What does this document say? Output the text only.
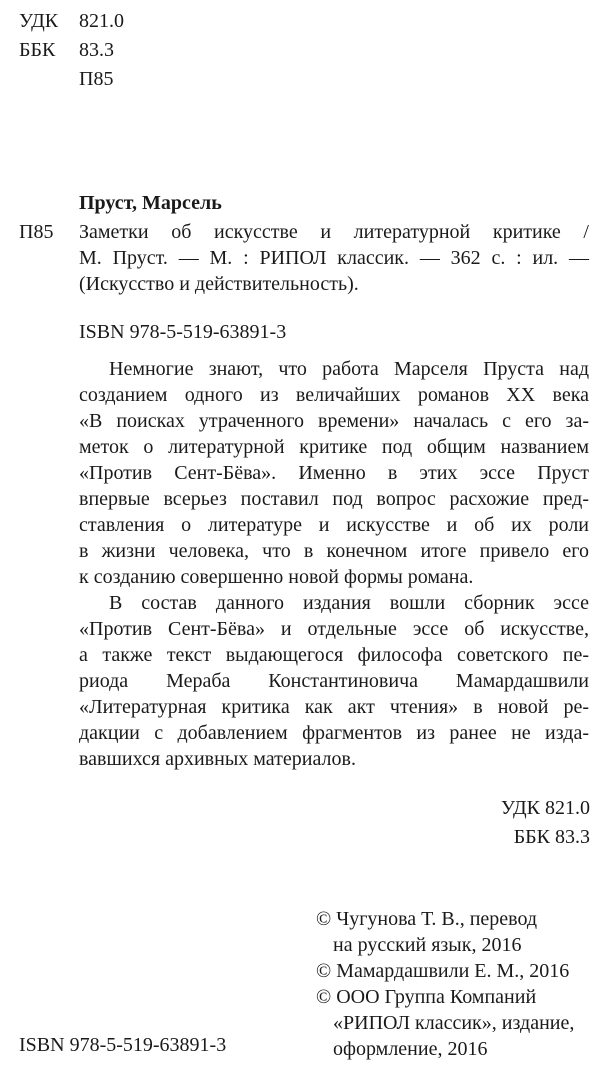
УДК 821.0
ББК 83.3
П85
Пруст, Марсель
П85 Заметки об искусстве и литературной критике /
М. Пруст. — М. : РИПОЛ классик. — 362 с. : ил. —
(Искусство и действительность).
ISBN 978-5-519-63891-3
Немногие знают, что работа Марселя Пруста над
созданием одного из величайших романов XX века
«В поисках утраченного времени» началась с его за-
меток о литературной критике под общим названием
«Против Сент-Бёва». Именно в этих эссе Пруст
впервые всерьез поставил под вопрос расхожие пред-
ставления о литературе и искусстве и об их роли
в жизни человека, что в конечном итоге привело его
к созданию совершенно новой формы романа.
В состав данного издания вошли сборник эссе
«Против Сент-Бёва» и отдельные эссе об искусстве,
а также текст выдающегося философа советского пе-
риода Мераба Константиновича Мамардашвили
«Литературная критика как акт чтения» в новой ре-
дакции с добавлением фрагментов из ранее не изда-
вавшихся архивных материалов.
УДК 821.0
ББК 83.3
© Чугунова Т. В., перевод
на русский язык, 2016
© Мамардашвили Е. М., 2016
© ООО Группа Компаний
«РИПОЛ классик», издание,
оформление, 2016
ISBN 978-5-519-63891-3
